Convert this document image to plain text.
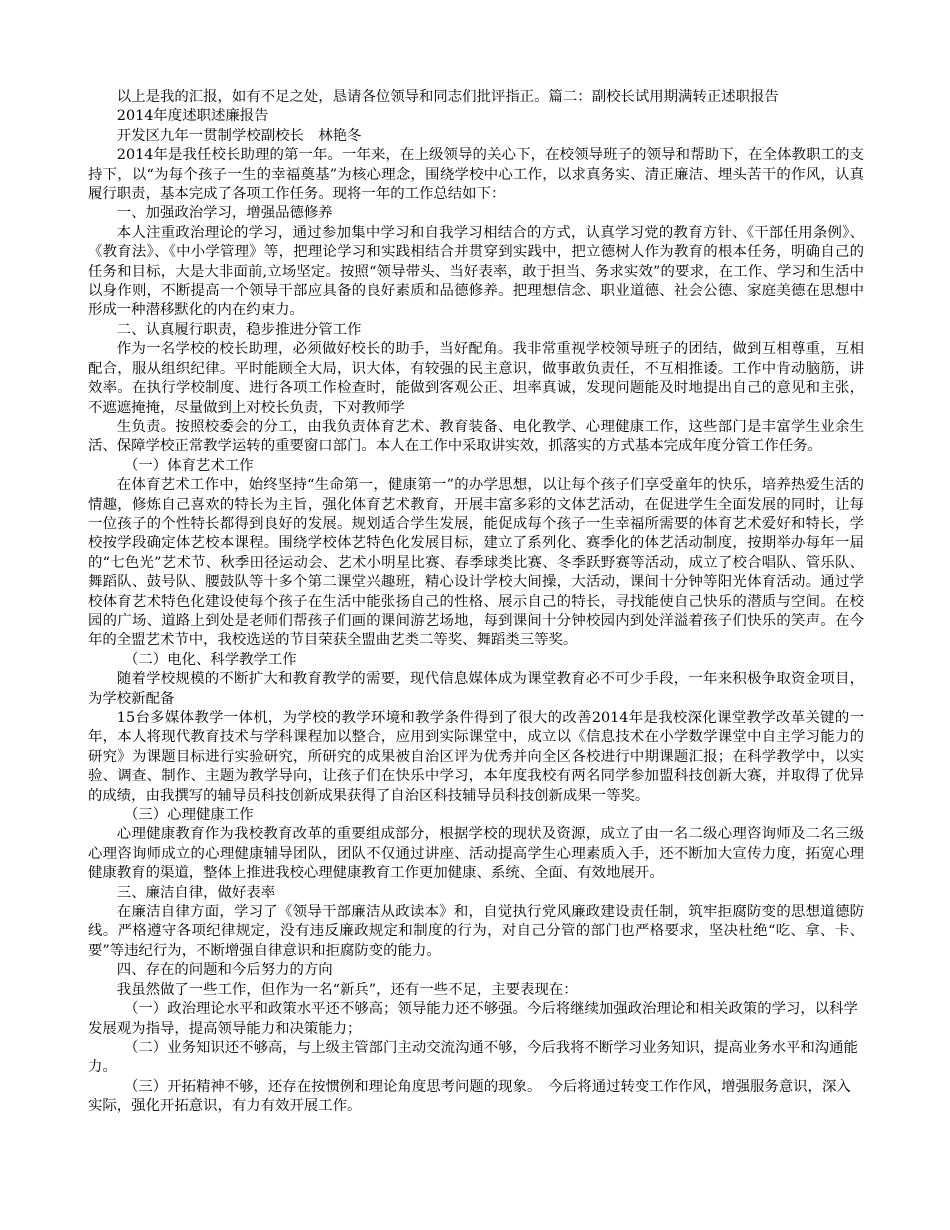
以上是我的汇报，如有不足之处，恳请各位领导和同志们批评指正。篇二：副校长试用期满转正述职报告

2014年度述职述廉报告

开发区九年一贯制学校副校长　林艳冬

2014年是我任校长助理的第一年。一年来，在上级领导的关心下，在校领导班子的领导和帮助下，在全体教职工的支持下，以“为每个孩子一生的幸福奠基”为核心理念，围绕学校中心工作，以求真务实、清正廉洁、埋头苦干的作风，认真履行职责，基本完成了各项工作任务。现将一年的工作总结如下：

一、加强政治学习，增强品德修养

本人注重政治理论的学习，通过参加集中学习和自我学习相结合的方式，认真学习党的教育方针、《干部任用条例》、《教育法》、《中小学管理》等，把理论学习和实践相结合并贯穿到实践中，把立德树人作为教育的根本任务，明确自己的任务和目标，大是大非面前,立场坚定。按照“领导带头、当好表率，敢于担当、务求实效”的要求，在工作、学习和生活中以身作则，不断提高一个领导干部应具备的良好素质和品德修养。把理想信念、职业道德、社会公德、家庭美德在思想中形成一种潜移默化的内在约束力。

二、认真履行职责，稳步推进分管工作

作为一名学校的校长助理，必须做好校长的助手，当好配角。我非常重视学校领导班子的团结，做到互相尊重，互相配合，服从组织纪律。平时能顾全大局，识大体，有较强的民主意识，做事敢负责任，不互相推诿。工作中肯动脑筋，讲效率。在执行学校制度、进行各项工作检查时，能做到客观公正、坦率真诚，发现问题能及时地提出自己的意见和主张，不遮遮掩掩，尽量做到上对校长负责，下对教师学

生负责。按照校委会的分工，由我负责体育艺术、教育装备、电化教学、心理健康工作，这些部门是丰富学生业余生活、保障学校正常教学运转的重要窗口部门。本人在工作中采取讲实效，抓落实的方式基本完成年度分管工作任务。

（一）体育艺术工作

在体育艺术工作中，始终坚持“生命第一，健康第一”的办学思想，以让每个孩子们享受童年的快乐，培养热爱生活的情趣，修炼自己喜欢的特长为主旨，强化体育艺术教育，开展丰富多彩的文体艺活动，在促进学生全面发展的同时，让每一位孩子的个性特长都得到良好的发展。规划适合学生发展，能促成每个孩子一生幸福所需要的体育艺术爱好和特长，学校按学段确定体艺校本课程。围绕学校体艺特色化发展目标，建立了系列化、赛季化的体艺活动制度，按期举办每年一届的“七色光”艺术节、秋季田径运动会、艺术小明星比赛、春季球类比赛、冬季跃野赛等活动，成立了校合唱队、管乐队、舞蹈队、鼓号队、腰鼓队等十多个第二课堂兴趣班，精心设计学校大间操，大活动，课间十分钟等阳光体育活动。通过学校体育艺术特色化建设使每个孩子在生活中能张扬自己的性格、展示自己的特长，寻找能使自己快乐的潜质与空间。在校园的广场、道路上到处是老师们帮孩子们画的课间游艺场地，每到课间十分钟校园内到处洋溢着孩子们快乐的笑声。在今年的全盟艺术节中，我校选送的节目荣获全盟曲艺类二等奖、舞蹈类三等奖。

（二）电化、科学教学工作

随着学校规模的不断扩大和教育教学的需要，现代信息媒体成为课堂教育必不可少手段，一年来积极争取资金项目，为学校新配备

15台多媒体教学一体机，为学校的教学环境和教学条件得到了很大的改善2014年是我校深化课堂教学改革关键的一年，本人将现代教育技术与学科课程加以整合，应用到实际课堂中，成立以《信息技术在小学数学课堂中自主学习能力的研究》为课题目标进行实验研究，所研究的成果被自治区评为优秀并向全区各校进行中期课题汇报；在科学教学中，以实验、调查、制作、主题为教学导向，让孩子们在快乐中学习，本年度我校有两名同学参加盟科技创新大赛，并取得了优异的成绩，由我撰写的辅导员科技创新成果获得了自治区科技辅导员科技创新成果一等奖。

（三）心理健康工作

心理健康教育作为我校教育改革的重要组成部分，根据学校的现状及资源，成立了由一名二级心理咨询师及二名三级心理咨询师成立的心理健康辅导团队，团队不仅通过讲座、活动提高学生心理素质入手，还不断加大宣传力度，拓宽心理健康教育的渠道，整体上推进我校心理健康教育工作更加健康、系统、全面、有效地展开。

三、廉洁自律，做好表率

在廉洁自律方面，学习了《领导干部廉洁从政读本》和，自觉执行党风廉政建设责任制，筑牢拒腐防变的思想道德防线。严格遵守各项纪律规定，没有违反廉政规定和制度的行为，对自己分管的部门也严格要求，坚决杜绝“吃、拿、卡、要”等违纪行为，不断增强自律意识和拒腐防变的能力。

四、存在的问题和今后努力的方向

我虽然做了一些工作，但作为一名“新兵”，还有一些不足，主要表现在：

（一）政治理论水平和政策水平还不够高；领导能力还不够强。今后将继续加强政治理论和相关政策的学习，以科学发展观为指导，提高领导能力和决策能力；

（二）业务知识还不够高，与上级主管部门主动交流沟通不够，今后我将不断学习业务知识，提高业务水平和沟通能力。

（三）开拓精神不够，还存在按惯例和理论角度思考问题的现象。　今后将通过转变工作作风，增强服务意识，深入实际，强化开拓意识，有力有效开展工作。
